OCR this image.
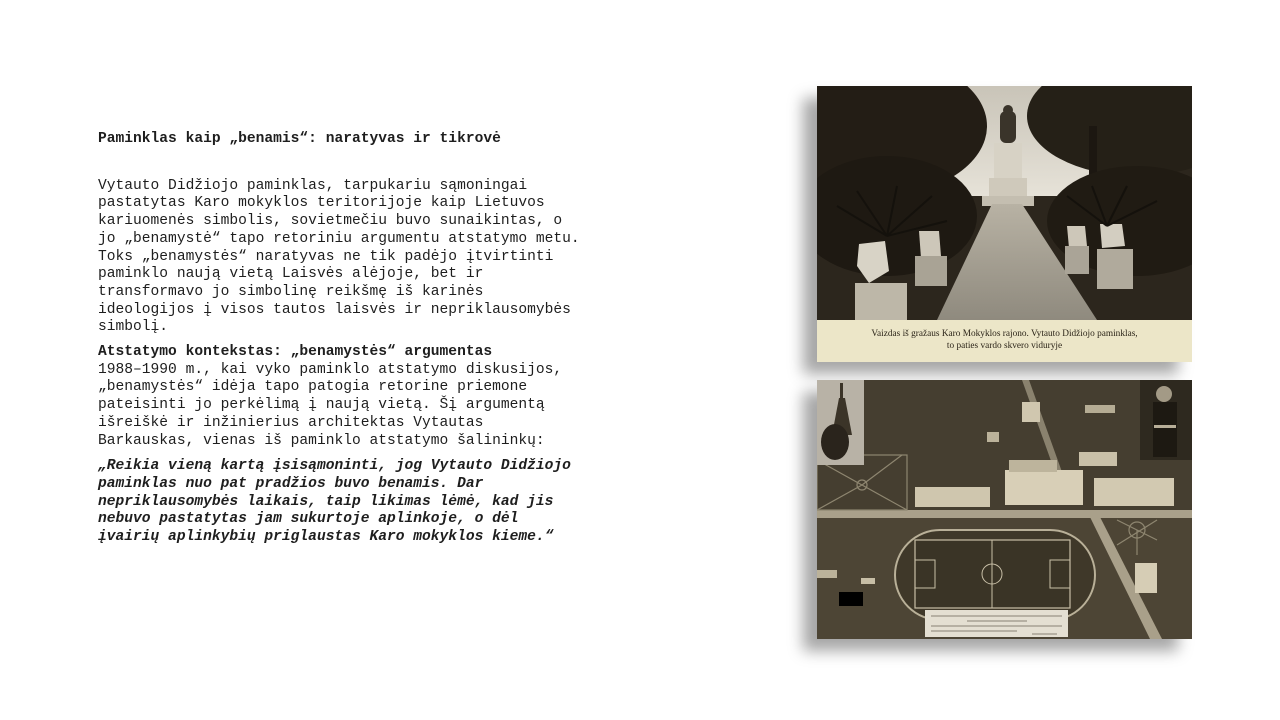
Paminklas kaip „benamis“: naratyvas ir tikrovė

Vytauto Didžiojo paminklas, tarpukariu sąmoningai
pastatytas Karo mokyklos teritorijoje kaip Lietuvos
kariuomenės simbolis, sovietmečiu buvo sunaikintas, o
jo „benamystė“ tapo retoriniu argumentu atstatymo metu.
Toks „benamystės“ naratyvas ne tik padėjo įtvirtinti
paminklo naują vietą Laisvės alėjoje, bet ir
transformavo jo simbolinę reikšmę iš karinės
ideologijos į visos tautos laisvės ir nepriklausomybės
simbolį.

Atstatymo kontekstas: „benamystės“ argumentas

1988–1990 m., kai vyko paminklo atstatymo diskusijos,
„benamystės“ idėja tapo patogia retorine priemone
pateisinti jo perkėlimą į naują vietą. Šį argumentą
išreiškė ir inžinierius architektas Vytautas
Barkauskas, vienas iš paminklo atstatymo šalininkų:

„Reikia vieną kartą įsisąmoninti, jog Vytauto Didžiojo
paminklas nuo pat pradžios buvo benamis. Dar
nepriklausomybės laikais, taip likimas lėmė, kad jis
nebuvo pastatytas jam sukurtoje aplinkoje, o dėl
įvairių aplinkybių priglaustas Karo mokyklos kieme.“

Vaizdas iš gražaus Karo Mokyklos rajono. Vytauto Didžiojo paminklas,
to paties vardo skvero viduryje
